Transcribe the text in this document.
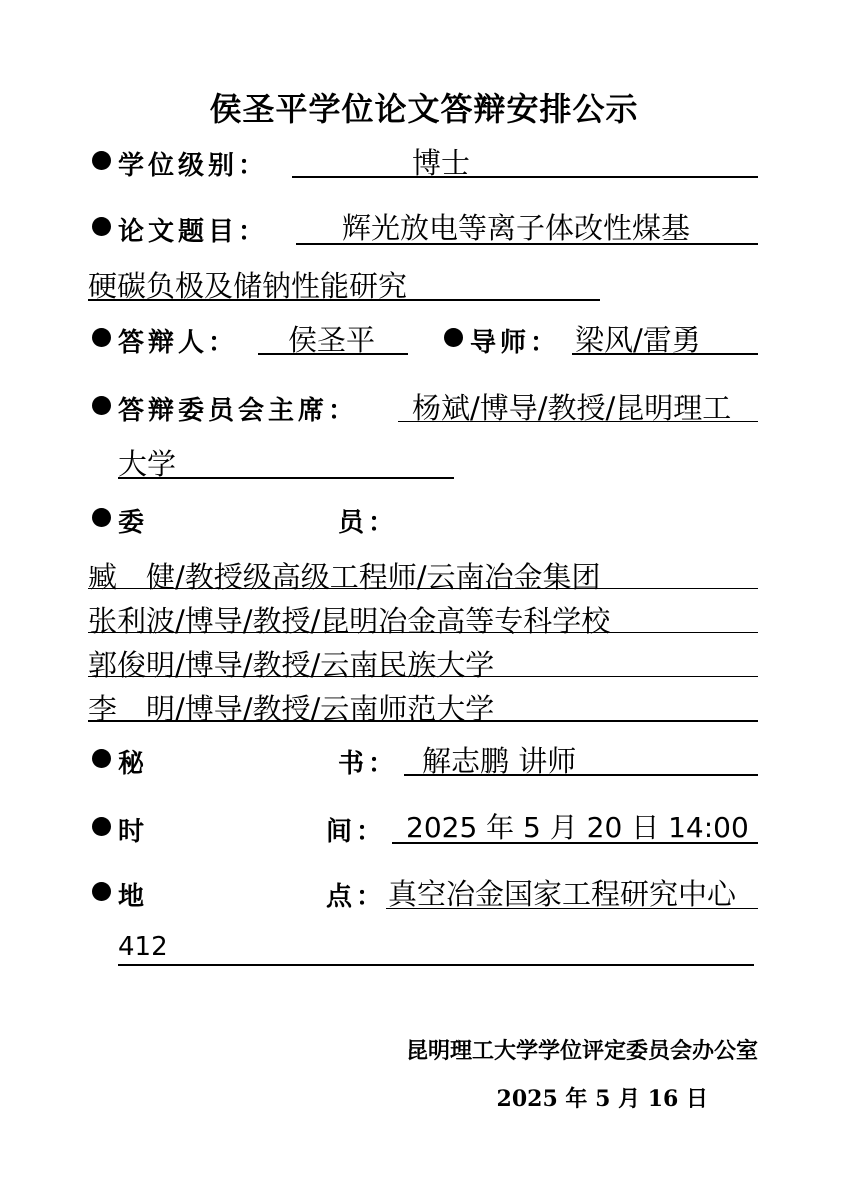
侯圣平学位论文答辩安排公示
学位级别：	博士
论文题目：	辉光放电等离子体改性煤基
硬碳负极及储钠性能研究
答辩人： 侯圣平	导师： 梁风/雷勇
答辩委员会主席： 杨斌/博导/教授/昆明理工
大学
委	员：
臧　健/教授级高级工程师/云南冶金集团
张利波/博导/教授/昆明冶金高等专科学校
郭俊明/博导/教授/云南民族大学
李　明/博导/教授/云南师范大学
秘	书： 解志鹏 讲师
时	间： 2025 年 5 月 20 日 14:00
地	点： 真空冶金国家工程研究中心
412
昆明理工大学学位评定委员会办公室
2025 年 5 月 16 日
